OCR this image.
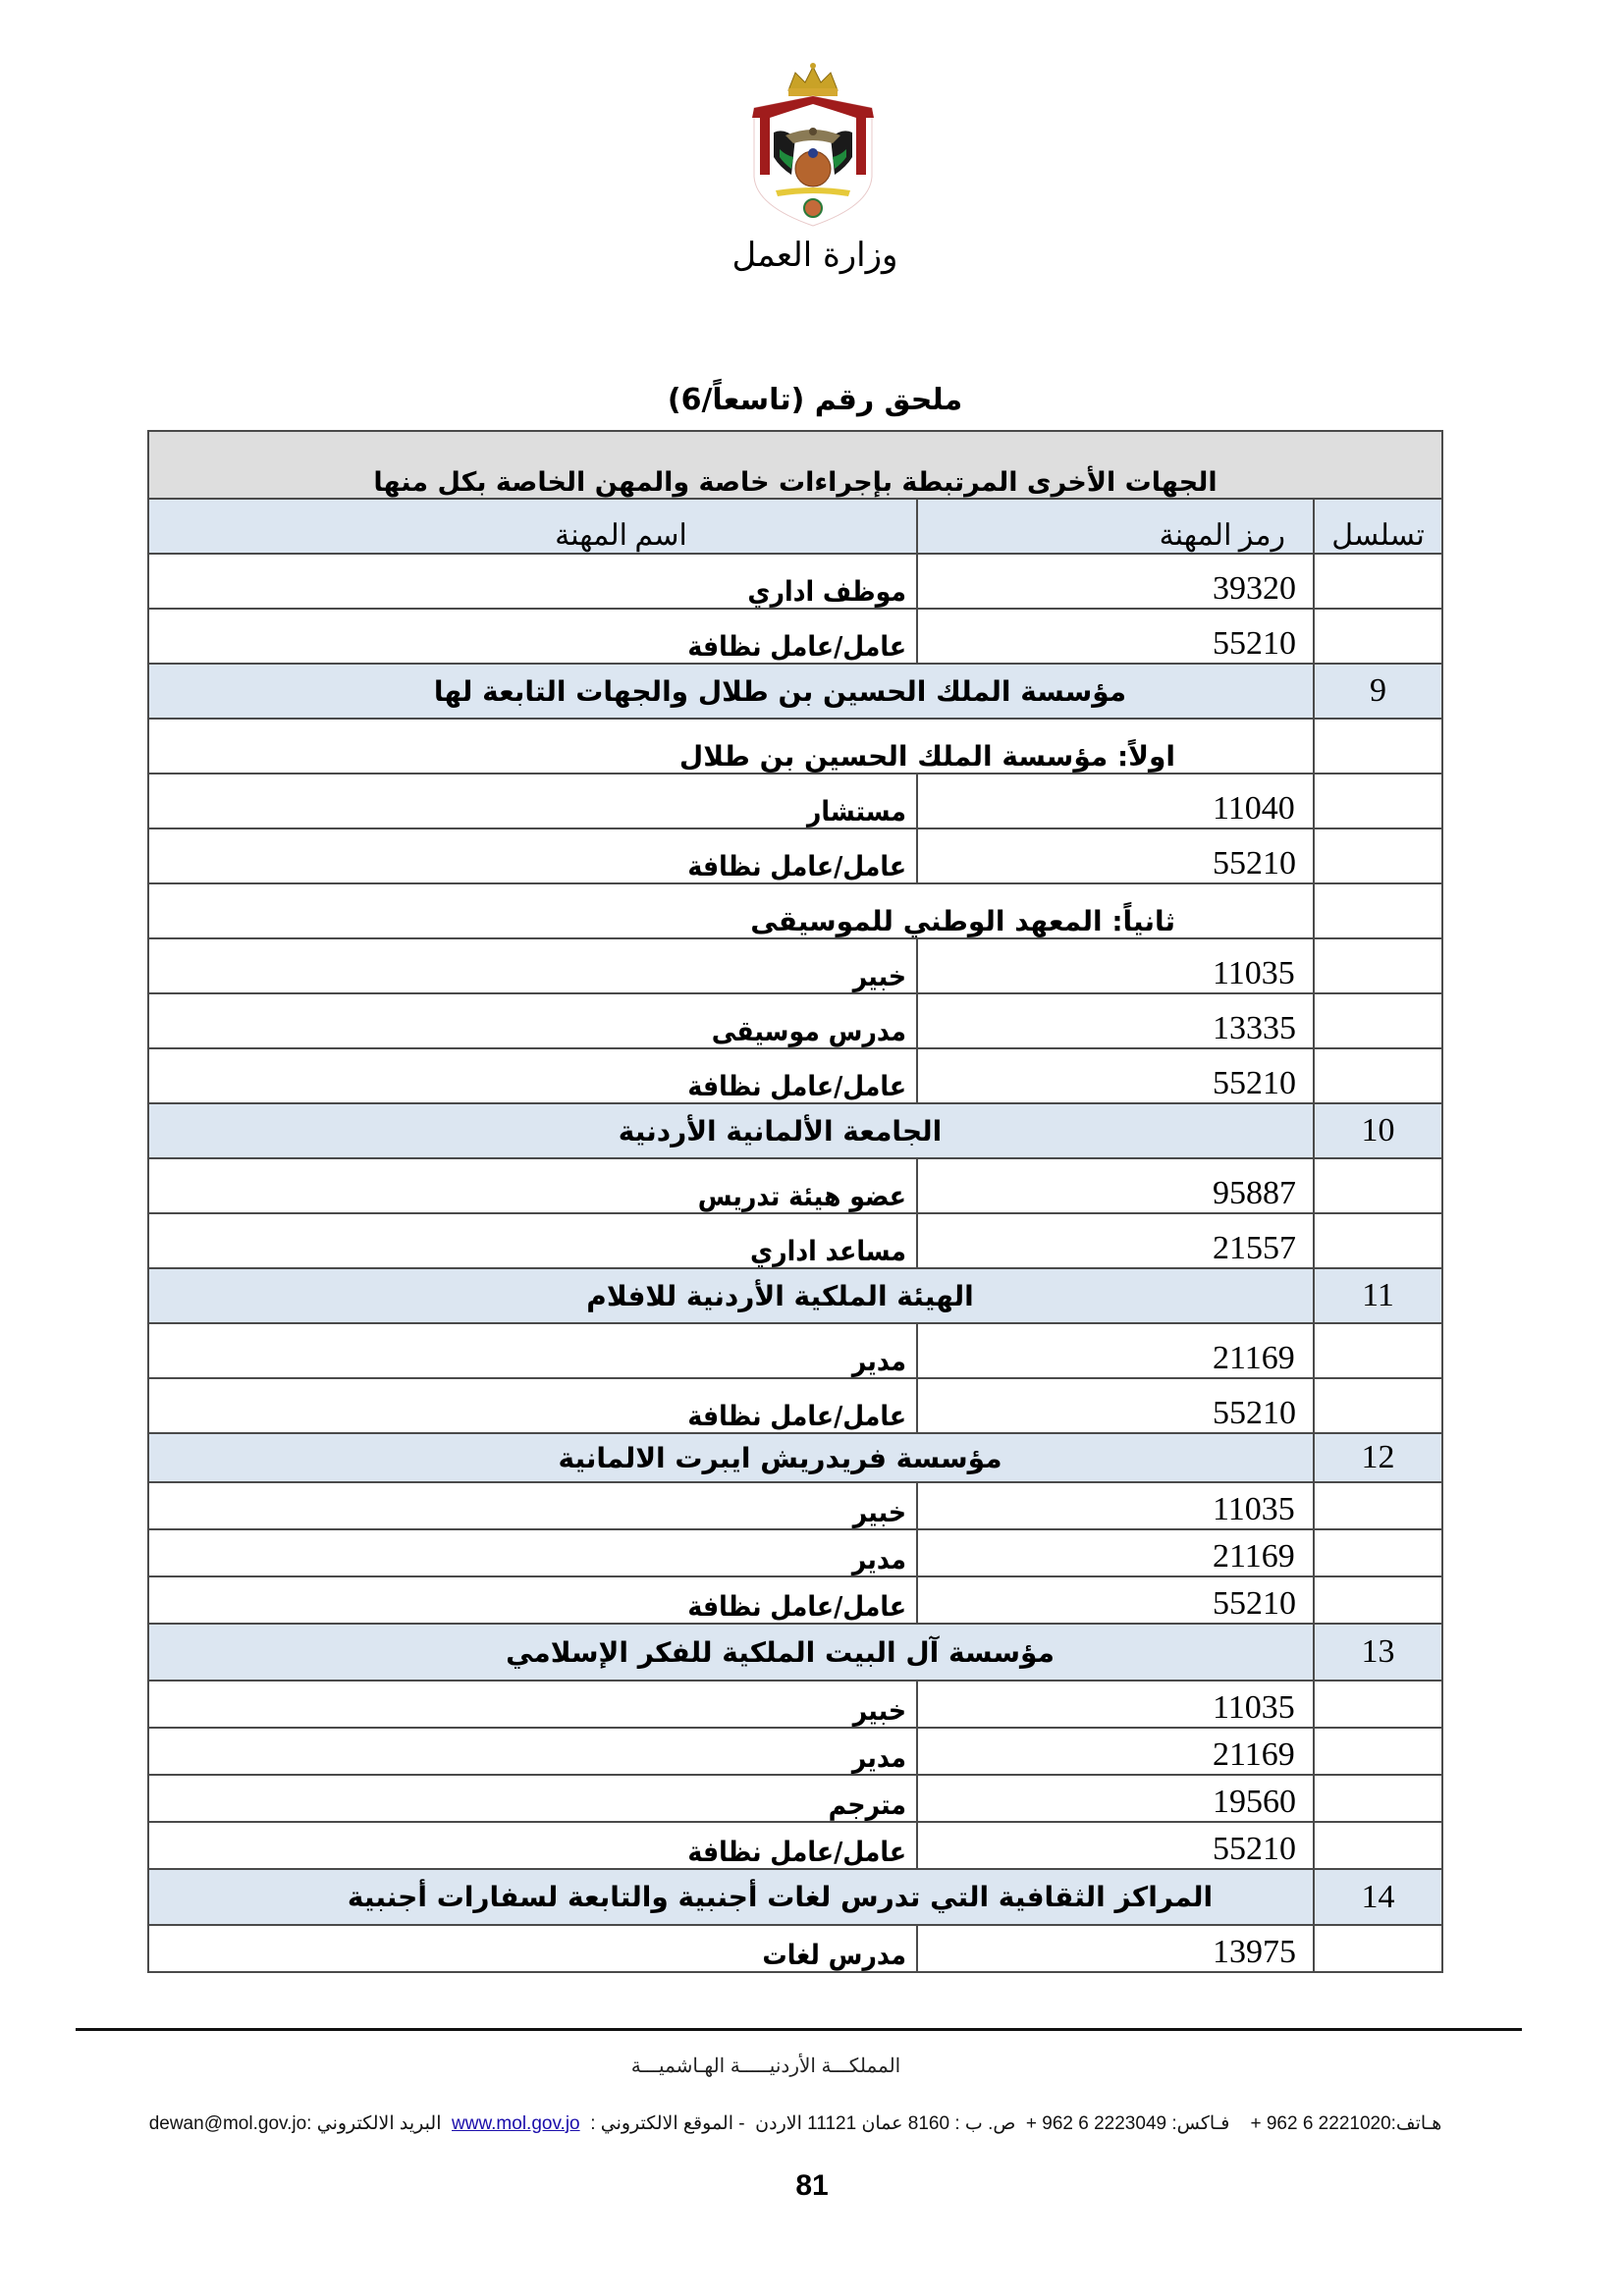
وزارة العمل
ملحق رقم (تاسعاً/6)
الجهات الأخرى المرتبطة بإجراءات خاصة والمهن الخاصة بكل منها		
تسلسل	رمز المهنة	اسم المهنة
	39320	موظف اداري
	55210	عامل/عامل نظافة
9	مؤسسة الملك الحسين بن طلال والجهات التابعة لها	
	اولاً: مؤسسة الملك الحسين بن طلال	
	11040	مستشار
	55210	عامل/عامل نظافة
	ثانياً: المعهد الوطني للموسيقى	
	11035	خبير
	13335	مدرس موسيقى
	55210	عامل/عامل نظافة
10	الجامعة الألمانية الأردنية	
	95887	عضو هيئة تدريس
	21557	مساعد اداري
11	الهيئة الملكية الأردنية للافلام	
	21169	مدير
	55210	عامل/عامل نظافة
12	مؤسسة فريدريش ايبرت الالمانية	
	11035	خبير
	21169	مدير
	55210	عامل/عامل نظافة
13	مؤسسة آل البيت الملكية للفكر الإسلامي	
	11035	خبير
	21169	مدير
	19560	مترجم
	55210	عامل/عامل نظافة
14	المراكز الثقافية التي تدرس لغات أجنبية والتابعة لسفارات أجنبية	
	13975	مدرس لغات
المملكـــة الأردنيـــــة الهـاشميـــة
هـاتف:+ 962 6 2221020    فـاكس: + 962 6 2223049  ص. ب : 8160 عمان 11121 الاردن  - الموقع الالكتروني :  www.mol.gov.jo  البريد الالكتروني :dewan@mol.gov.jo
81
